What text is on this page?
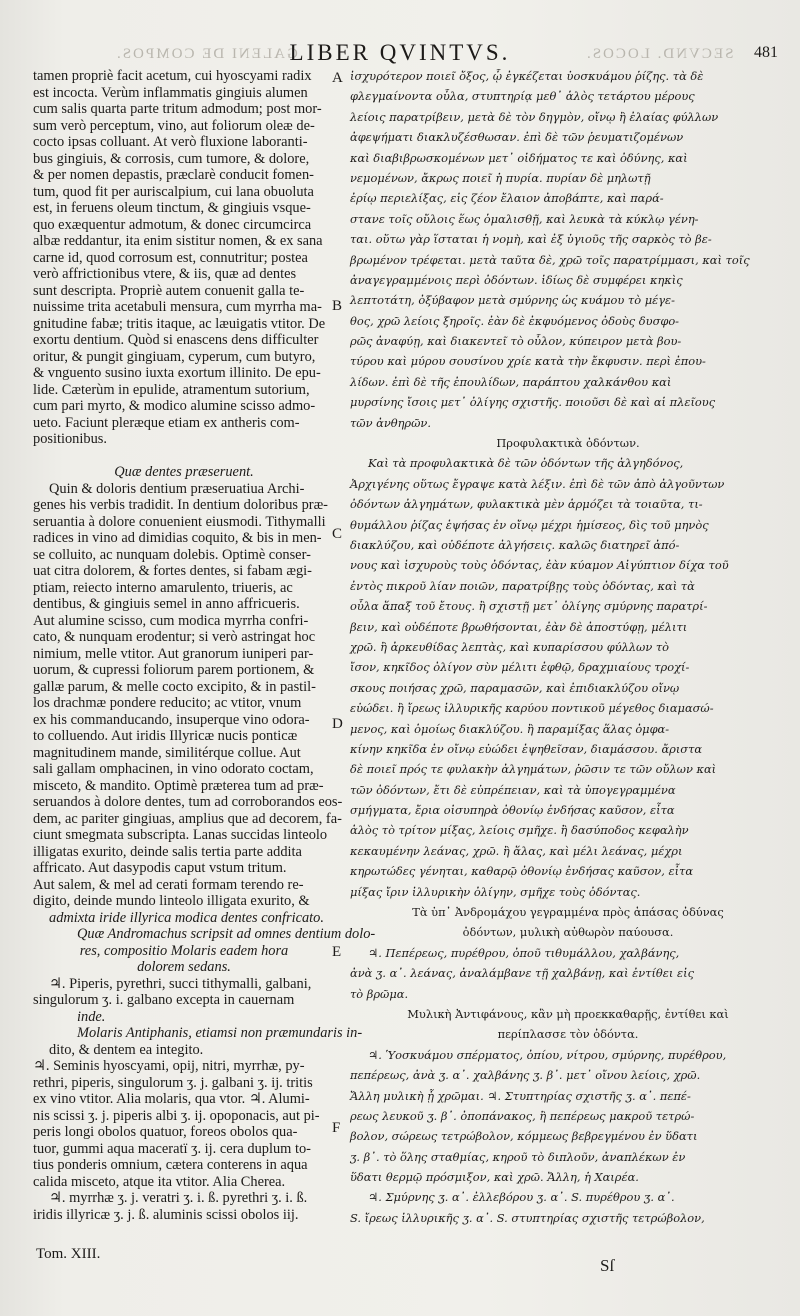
GALENI DE COMPOS.
LIBER QVINTVS.	SECVND. LOCOS. 481
tamen propriè facit acetum, cui hyoscyami radix
est incocta. Verùm inflammatis gingiuis alumen
cum salis quarta parte tritum admodum; post mor-
sum verò perceptum, vino, aut foliorum oleæ de-
cocto ipsas colluant. At verò fluxione laboranti-
bus gingiuis, & corrosis, cum tumore, & dolore,
& per nomen depastis, præclarè conducit fomen-
tum, quod fit per auriscalpium, cui lana obuoluta
est, in feruens oleum tinctum, & gingiuis vsque-
quo exæquentur admotum, & donec circumcirca
albæ reddantur, ita enim sistitur nomen, & ex sana
carne id, quod corrosum est, connutritur; postea
verò affrictionibus vtere, & iis, quæ ad dentes
sunt descripta. Propriè autem conuenit galla te-
nuissime trita acetabuli mensura, cum myrrha ma-
gnitudine fabæ; tritis itaque, ac læuigatis vtitor. De
exortu dentium. Quòd si enascens dens difficulter
oritur, & pungit gingiuam, cyperum, cum butyro,
& vnguento susino iuxta exortum illinito. De epu-
lide. Cæterùm in epulide, atramentum sutorium,
cum pari myrto, & modico alumine scisso admo-
ueto. Faciunt pleræque etiam ex antheris com-
positionibus.

Quæ dentes præseruent.
Quin & doloris dentium præseruatiua Archi-
genes his verbis tradidit. In dentium doloribus præ-
seruantia à dolore conuenient eiusmodi. Tithymalli
radices in vino ad dimidias coquito, & bis in men-
se colluito, ac nunquam dolebis. Optimè conser-
uat citra dolorem, & fortes dentes, si fabam ægi-
ptiam, reiecto interno amarulento, triueris, ac
dentibus, & gingiuis semel in anno affricueris.
Aut alumine scisso, cum modica myrrha confri-
cato, & nunquam erodentur; si verò astringat hoc
nimium, melle vtitor. Aut granorum iuniperi par-
uorum, & cupressi foliorum parem portionem, &
gallæ parum, & melle cocto excipito, & in pastil-
los drachmæ pondere reducito; ac vtitor, vnum
ex his commanducando, insuperque vino odora-
to colluendo. Aut iridis Illyricæ nucis ponticæ
magnitudinem mande, similitérque collue. Aut
sali gallam omphacinen, in vino odorato coctam,
misceto, & mandito. Optimè præterea tum ad præ-
seruandos à dolore dentes, tum ad corroborandos eos-
dem, ac pariter gingiuas, amplius que ad decorem, fa-
ciunt smegmata subscripta. Lanas succidas linteolo
illigatas exurito, deinde salis tertia parte addita
affricato. Aut dasypodis caput vstum tritum.
Aut salem, & mel ad cerati formam terendo re-
digito, deinde mundo linteolo illigata exurito, &
admixta iride illyrica modica dentes confricato.
Quæ Andromachus scripsit ad omnes dentium dolo-
res, compositio Molaris eadem hora
dolorem sedans.
♃. Piperis, pyrethri, succi tithymalli, galbani,
singulorum ʒ. i. galbano excepta in cauernam
inde.
Molaris Antiphanis, etiamsi non præmundaris in-
dito, & dentem ea integito.
♃. Seminis hyoscyami, opij, nitri, myrrhæ, py-
rethri, piperis, singulorum ʒ. j. galbani ʒ. ij. tritis
ex vino vtitor. Alia molaris, qua vtor. ♃. Alumi-
nis scissi ʒ. j. piperis albi ʒ. ij. opoponacis, aut pi-
peris longi obolos quatuor, foreos obolos qua-
tuor, gummi aqua maceratï ʒ. ij. cera duplum to-
tius ponderis omnium, cætera conterens in aqua
calida misceto, atque ita vtitor. Alia Cherea.
♃. myrrhæ ʒ. j. veratri ʒ. i. ß. pyrethri ʒ. i. ß.
iridis illyricæ ʒ. j. ß. aluminis scissi obolos iij.
A
B
C
D
E
F
ἰσχυρότερον ποιεῖ ὄξος, ᾧ ἐγκέζεται ὑοσκυάμου ῥίζης. τὰ δὲ
φλεγμαίνοντα οὖλα, στυπτηρίᾳ μεθ᾽ ἁλὸς τετάρτου μέρους
λείοις παρατρίβειν, μετὰ δὲ τὸν δηγμὸν, οἴνῳ ἢ ἐλαίας φύλλων
ἀφεψήματι διακλυζέσθωσαν. ἐπὶ δὲ τῶν ῥευματιζομένων
καὶ διαβιβρωσκομένων μετ᾽ οἰδήματος τε καὶ ὀδύνης, καὶ
νεμομένων, ἄκρως ποιεῖ ἡ πυρία. πυρίαν δὲ μηλωτῇ
ἐρίῳ περιελίξας, εἰς ζέον ἔλαιον ἀποβάπτε, καὶ παρά-
στανε τοῖς οὔλοις ἕως ὁμαλισθῇ, καὶ λευκὰ τὰ κύκλῳ γένη-
ται. οὕτω γὰρ ἵσταται ἡ νομὴ, καὶ ἐξ ὑγιοῦς τῆς σαρκὸς τὸ βε-
βρωμένον τρέφεται. μετὰ ταῦτα δὲ, χρῶ τοῖς παρατρίμμασι, καὶ τοῖς
ἀναγεγραμμένοις περὶ ὀδόντων. ἰδίως δὲ συμφέρει κηκὶς
λεπτοτάτη, ὀξύβαφον μετὰ σμύρνης ὡς κυάμου τὸ μέγε-
θος, χρῶ λείοις ξηροῖς. ἐὰν δὲ ἐκφυόμενος ὀδοὺς δυσφο-
ρῶς ἀναφύῃ, καὶ διακεντεῖ τὸ οὖλον, κύπειρον μετὰ βου-
τύρου καὶ μύρου σουσίνου χρίε κατὰ τὴν ἔκφυσιν. περὶ ἐπου-
λίδων. ἐπὶ δὲ τῆς ἐπουλίδων, παράπτου χαλκάνθου καὶ
μυρσίνης ἴσοις μετ᾽ ὀλίγης σχιστῆς. ποιοῦσι δὲ καὶ αἱ πλεῖους
τῶν ἀνθηρῶν.
Προφυλακτικὰ ὀδόντων.
Καὶ τὰ προφυλακτικὰ δὲ τῶν ὀδόντων τῆς ἀλγηδόνος,
Ἀρχιγένης οὕτως ἔγραψε κατὰ λέξιν. ἐπὶ δὲ τῶν ἀπὸ ἀλγοῦντων
ὀδόντων ἀλγημάτων, φυλακτικὰ μὲν ἁρμόζει τὰ τοιαῦτα, τι-
θυμάλλου ῥίζας ἑψήσας ἐν οἴνῳ μέχρι ἡμίσεος, δὶς τοῦ μηνὸς
διακλύζου, καὶ οὐδέποτε ἀλγήσεις. καλῶς διατηρεῖ ἀπό-
νους καὶ ἰσχυροὺς τοὺς ὀδόντας, ἐὰν κύαμον Αἰγύπτιον δίχα τοῦ
ἐντὸς πικροῦ λίαν ποιῶν, παρατρίβῃς τοὺς ὀδόντας, καὶ τὰ
οὖλα ἅπαξ τοῦ ἔτους. ἢ σχιστῇ μετ᾽ ὀλίγης σμύρνης παρατρί-
βειν, καὶ οὐδέποτε βρωθήσονται, ἐὰν δὲ ἀποστύφῃ, μέλιτι
χρῶ. ἢ ἀρκευθίδας λεπτὰς, καὶ κυπαρίσσου φύλλων τὸ
ἴσον, κηκῖδος ὀλίγον σὺν μέλιτι ἑφθῷ, δραχμιαίους τροχί-
σκους ποιήσας χρῶ, παραμασῶν, καὶ ἐπιδιακλύζου οἴνῳ
εὐώδει. ἢ ἴρεως ἰλλυρικῆς καρύου ποντικοῦ μέγεθος διαμασώ-
μενος, καὶ ὁμοίως διακλύζου. ἢ παραμίξας ἅλας ὀμφα-
κίνην κηκῖδα ἐν οἴνῳ εὐώδει ἑψηθεῖσαν, διαμάσσου. ἄριστα
δὲ ποιεῖ πρός τε φυλακὴν ἀλγημάτων, ῥῶσιν τε τῶν οὔλων καὶ
τῶν ὀδόντων, ἔτι δὲ εὐπρέπειαν, καὶ τὰ ὑπογεγραμμένα
σμήγματα, ἔρια οἰσυπηρὰ ὀθονίῳ ἐνδήσας καῦσον, εἶτα
ἁλὸς τὸ τρίτον μίξας, λείοις σμῆχε. ἢ δασύποδος κεφαλὴν
κεκαυμένην λεάνας, χρῶ. ἢ ἅλας, καὶ μέλι λεάνας, μέχρι
κηρωτώδες γένηται, καθαρῷ ὀθονίῳ ἐνδήσας καῦσον, εἶτα
μίξας ἴριν ἰλλυρικὴν ὀλίγην, σμῆχε τοὺς ὀδόντας.
Τὰ ὑπ᾽ Ἀνδρομάχου γεγραμμένα πρὸς ἁπάσας ὀδύνας
ὀδόντων, μυλικὴ αὐθωρὸν παύουσα.
♃. Πεπέρεως, πυρέθρου, ὀποῦ τιθυμάλλου, χαλβάνης,
ἀνὰ ʒ. α᾽. λεάνας, ἀναλάμβανε τῇ χαλβάνῃ, καὶ ἐντίθει εἰς
τὸ βρῶμα.
Μυλικὴ Ἀντιφάνους, κἂν μὴ προεκκαθαρῇς, ἐντίθει καὶ
περίπλασσε τὸν ὀδόντα.
♃. Ὑοσκυάμου σπέρματος, ὀπίου, νίτρου, σμύρνης, πυρέθρου,
πεπέρεως, ἀνὰ ʒ. α᾽. χαλβάνης ʒ. β᾽. μετ᾽ οἴνου λείοις, χρῶ.
Ἄλλη μυλικὴ ᾗ χρῶμαι. ♃. Στυπτηρίας σχιστῆς ʒ. α᾽. πεπέ-
ρεως λευκοῦ ʒ. β᾽. ὀποπάνακος, ἢ πεπέρεως μακροῦ τετρώ-
βολον, σώρεως τετρώβολον, κόμμεως βεβρεγμένου ἐν ὕδατι
ʒ. β᾽. τὸ ὅλης σταθμίας, κηροῦ τὸ διπλοῦν, ἀναπλέκων ἐν
ὕδατι θερμῷ πρόσμιξον, καὶ χρῶ. Ἄλλη, ἡ Χαιρέα.
♃. Σμύρνης ʒ. α᾽. ἐλλεβόρου ʒ. α᾽. S. πυρέθρου ʒ. α᾽.
S. ἴρεως ἰλλυρικῆς ʒ. α᾽. S. στυπτηρίας σχιστῆς τετρώβολον,
Tom. XIII.
Sſ
